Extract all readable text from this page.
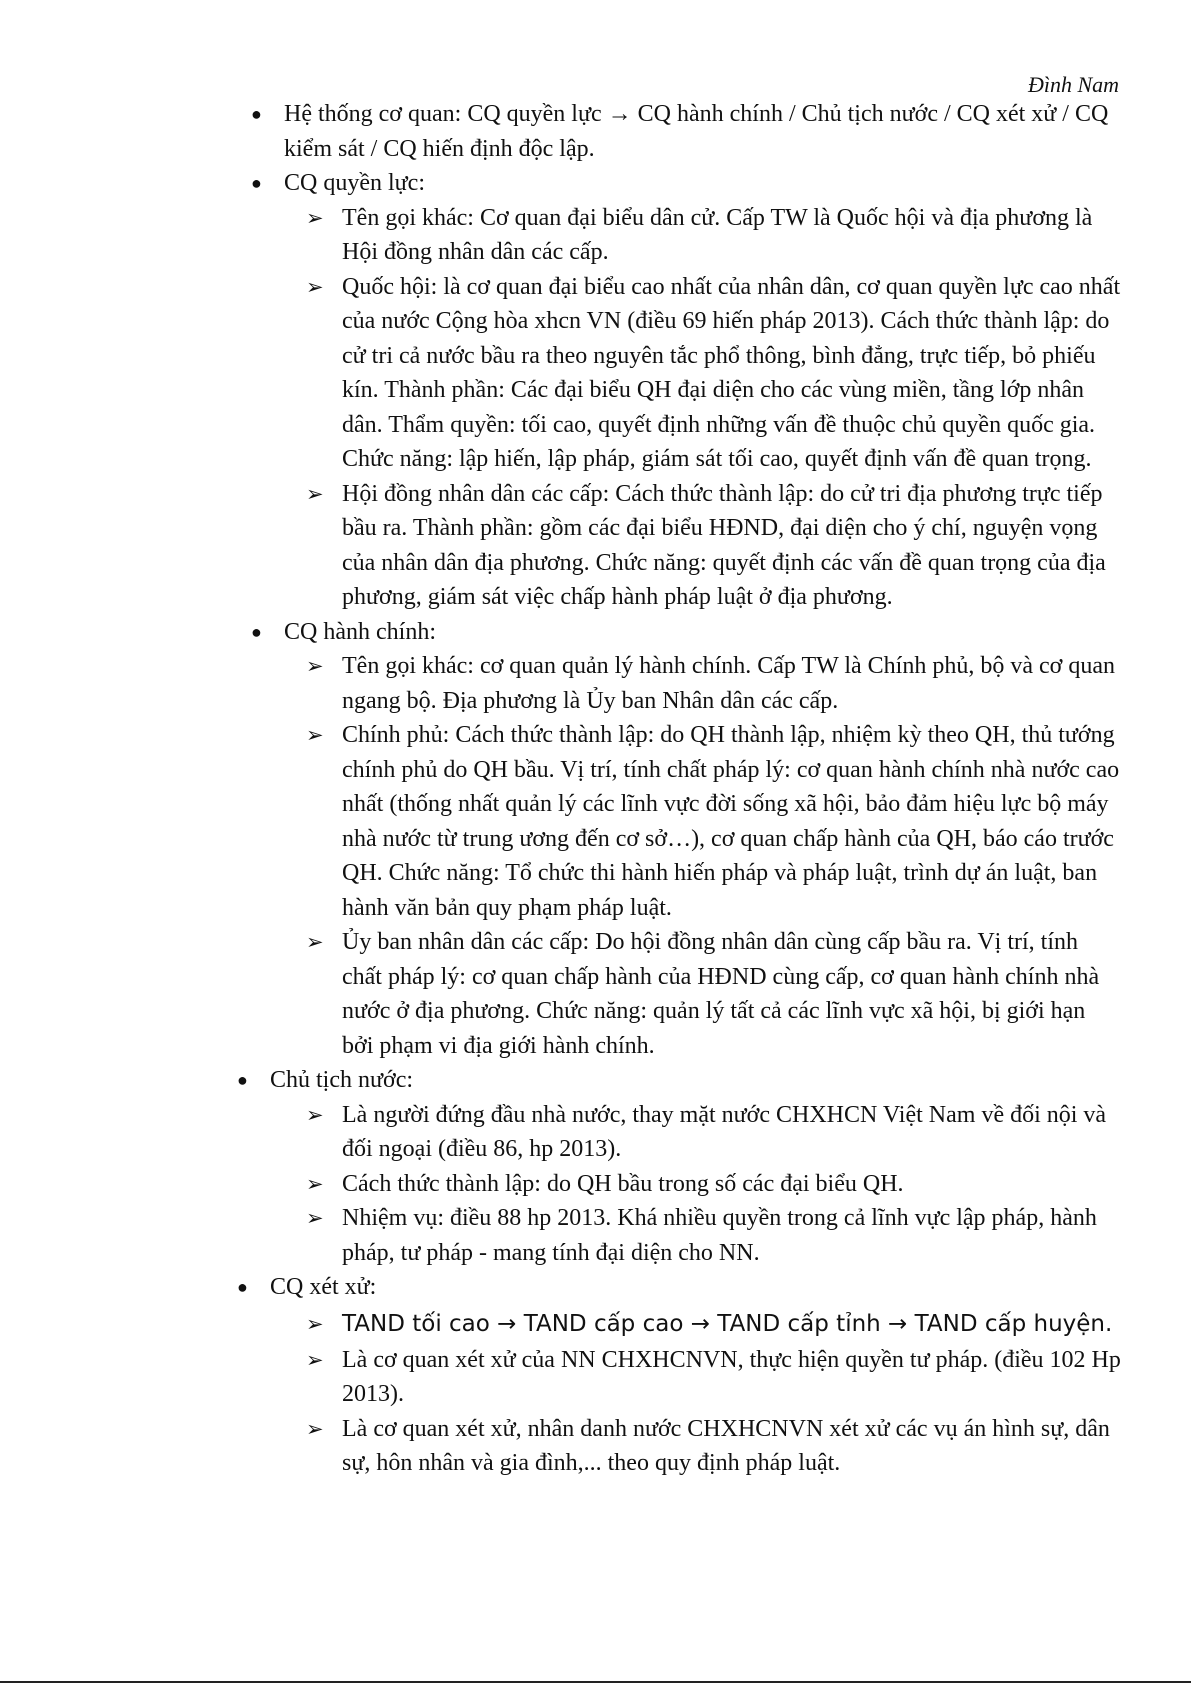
Đình Nam
● Hệ thống cơ quan: CQ quyền lực → CQ hành chính / Chủ tịch nước / CQ xét xử / CQ kiểm sát / CQ hiến định độc lập.
● CQ quyền lực:
➢ Tên gọi khác: Cơ quan đại biểu dân cử. Cấp TW là Quốc hội và địa phương là Hội đồng nhân dân các cấp.
➢ Quốc hội: là cơ quan đại biểu cao nhất của nhân dân, cơ quan quyền lực cao nhất của nước Cộng hòa xhcn VN (điều 69 hiến pháp 2013). Cách thức thành lập: do cử tri cả nước bầu ra theo nguyên tắc phổ thông, bình đẳng, trực tiếp, bỏ phiếu kín. Thành phần: Các đại biểu QH đại diện cho các vùng miền, tầng lớp nhân dân. Thẩm quyền: tối cao, quyết định những vấn đề thuộc chủ quyền quốc gia. Chức năng: lập hiến, lập pháp, giám sát tối cao, quyết định vấn đề quan trọng.
➢ Hội đồng nhân dân các cấp: Cách thức thành lập: do cử tri địa phương trực tiếp bầu ra. Thành phần: gồm các đại biểu HĐND, đại diện cho ý chí, nguyện vọng của nhân dân địa phương. Chức năng: quyết định các vấn đề quan trọng của địa phương, giám sát việc chấp hành pháp luật ở địa phương.
● CQ hành chính:
➢ Tên gọi khác: cơ quan quản lý hành chính. Cấp TW là Chính phủ, bộ và cơ quan ngang bộ. Địa phương là Ủy ban Nhân dân các cấp.
➢ Chính phủ: Cách thức thành lập: do QH thành lập, nhiệm kỳ theo QH, thủ tướng chính phủ do QH bầu. Vị trí, tính chất pháp lý: cơ quan hành chính nhà nước cao nhất (thống nhất quản lý các lĩnh vực đời sống xã hội, bảo đảm hiệu lực bộ máy nhà nước từ trung ương đến cơ sở…), cơ quan chấp hành của QH, báo cáo trước QH. Chức năng: Tổ chức thi hành hiến pháp và pháp luật, trình dự án luật, ban hành văn bản quy phạm pháp luật.
➢ Ủy ban nhân dân các cấp: Do hội đồng nhân dân cùng cấp bầu ra. Vị trí, tính chất pháp lý: cơ quan chấp hành của HĐND cùng cấp, cơ quan hành chính nhà nước ở địa phương. Chức năng: quản lý tất cả các lĩnh vực xã hội, bị giới hạn bởi phạm vi địa giới hành chính.
● Chủ tịch nước:
➢ Là người đứng đầu nhà nước, thay mặt nước CHXHCN Việt Nam về đối nội và đối ngoại (điều 86, hp 2013).
➢ Cách thức thành lập: do QH bầu trong số các đại biểu QH.
➢ Nhiệm vụ: điều 88 hp 2013. Khá nhiều quyền trong cả lĩnh vực lập pháp, hành pháp, tư pháp - mang tính đại diện cho NN.
● CQ xét xử:
➢ TAND tối cao → TAND cấp cao → TAND cấp tỉnh → TAND cấp huyện.
➢ Là cơ quan xét xử của NN CHXHCNVN, thực hiện quyền tư pháp. (điều 102 Hp 2013).
➢ Là cơ quan xét xử, nhân danh nước CHXHCNVN xét xử các vụ án hình sự, dân sự, hôn nhân và gia đình,... theo quy định pháp luật.
